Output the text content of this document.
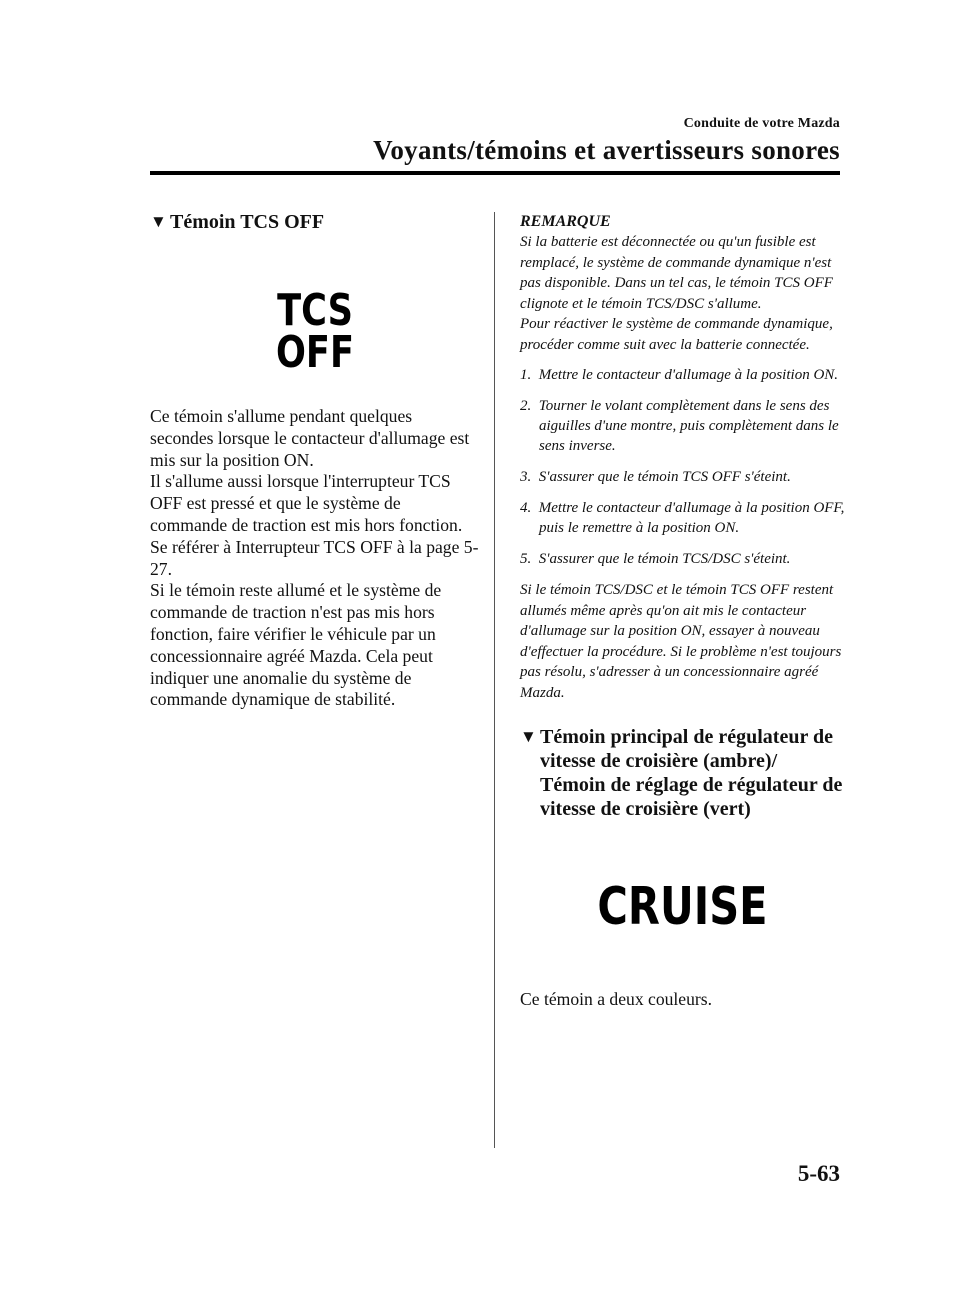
Conduite de votre Mazda
Voyants/témoins et avertisseurs sonores
▼ Témoin TCS OFF
TCS
OFF

Ce témoin s'allume pendant quelques secondes lorsque le contacteur d'allumage est mis sur la position ON.

Il s'allume aussi lorsque l'interrupteur TCS OFF est pressé et que le système de commande de traction est mis hors fonction.

Se référer à Interrupteur TCS OFF à la page 5-27.

Si le témoin reste allumé et le système de commande de traction n'est pas mis hors fonction, faire vérifier le véhicule par un concessionnaire agréé Mazda. Cela peut indiquer une anomalie du système de commande dynamique de stabilité.

REMARQUE

Si la batterie est déconnectée ou qu'un fusible est remplacé, le système de commande dynamique n'est pas disponible. Dans un tel cas, le témoin TCS OFF clignote et le témoin TCS/DSC s'allume.

Pour réactiver le système de commande dynamique, procéder comme suit avec la batterie connectée.

1.  Mettre le contacteur d'allumage à la position ON.
2.  Tourner le volant complètement dans le sens des aiguilles d'une montre, puis complètement dans le sens inverse.
3.  S'assurer que le témoin TCS OFF s'éteint.
4.  Mettre le contacteur d'allumage à la position OFF, puis le remettre à la position ON.
5.  S'assurer que le témoin TCS/DSC s'éteint.

Si le témoin TCS/DSC et le témoin TCS OFF restent allumés même après qu'on ait mis le contacteur d'allumage sur la position ON, essayer à nouveau d'effectuer la procédure. Si le problème n'est toujours pas résolu, s'adresser à un concessionnaire agréé Mazda.

▼ Témoin principal de régulateur de vitesse de croisière (ambre)/ Témoin de réglage de régulateur de vitesse de croisière (vert)
CRUISE

Ce témoin a deux couleurs.

5-63
